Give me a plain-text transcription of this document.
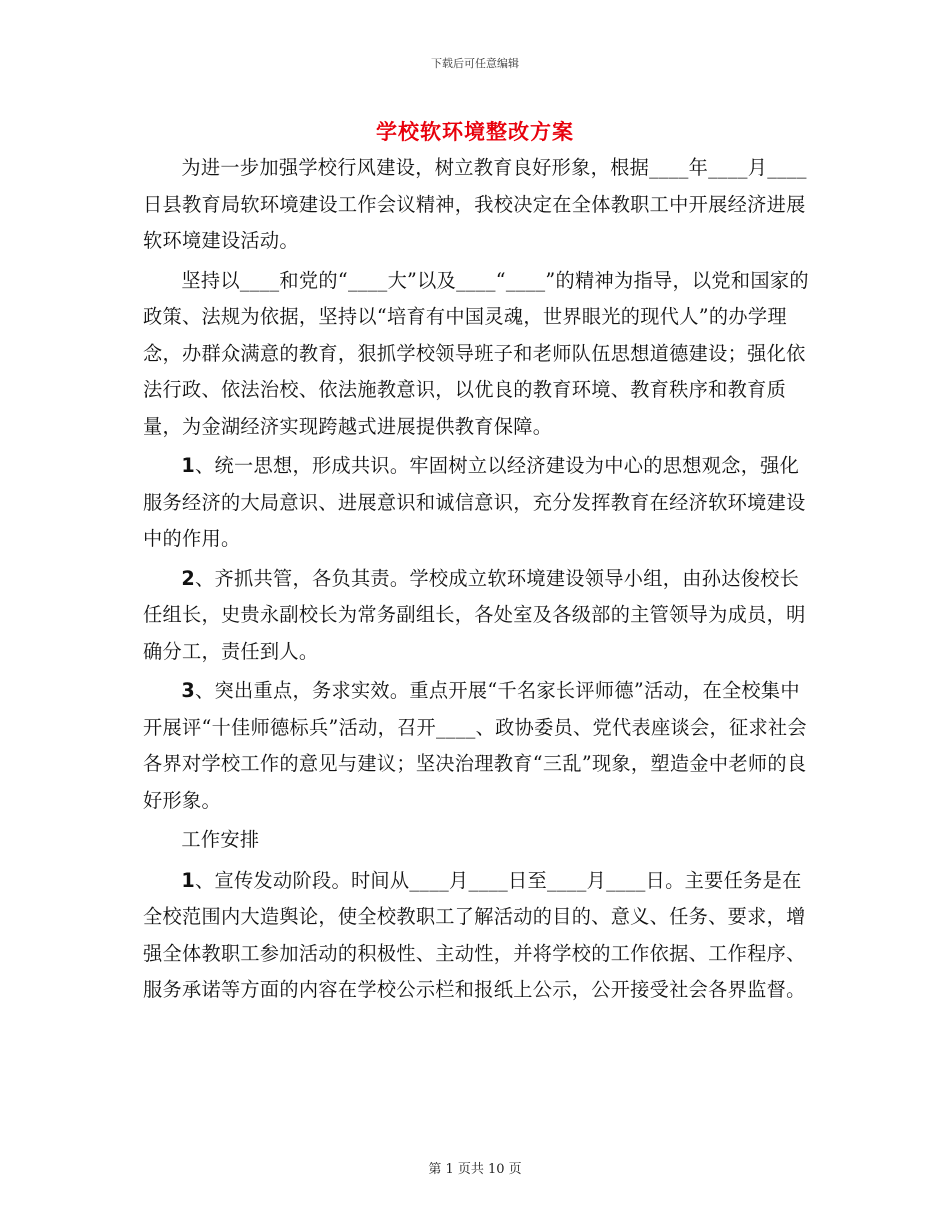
下载后可任意编辑
学校软环境整改方案

为进一步加强学校行风建设，树立教育良好形象，根据____年____月____日县教育局软环境建设工作会议精神，我校决定在全体教职工中开展经济进展软环境建设活动。

坚持以____和党的“____大”以及____“____”的精神为指导，以党和国家的政策、法规为依据，坚持以“培育有中国灵魂，世界眼光的现代人”的办学理念，办群众满意的教育，狠抓学校领导班子和老师队伍思想道德建设；强化依法行政、依法治校、依法施教意识，以优良的教育环境、教育秩序和教育质量，为金湖经济实现跨越式进展提供教育保障。

1、统一思想，形成共识。牢固树立以经济建设为中心的思想观念，强化服务经济的大局意识、进展意识和诚信意识，充分发挥教育在经济软环境建设中的作用。

2、齐抓共管，各负其责。学校成立软环境建设领导小组，由孙达俊校长任组长，史贵永副校长为常务副组长，各处室及各级部的主管领导为成员，明确分工，责任到人。

3、突出重点，务求实效。重点开展“千名家长评师德”活动，在全校集中开展评“十佳师德标兵”活动，召开____、政协委员、党代表座谈会，征求社会各界对学校工作的意见与建议；坚决治理教育“三乱”现象，塑造金中老师的良好形象。

工作安排

1、宣传发动阶段。时间从____月____日至____月____日。主要任务是在全校范围内大造舆论，使全校教职工了解活动的目的、意义、任务、要求，增强全体教职工参加活动的积极性、主动性，并将学校的工作依据、工作程序、服务承诺等方面的内容在学校公示栏和报纸上公示，公开接受社会各界监督。

第 1 页共 10 页
